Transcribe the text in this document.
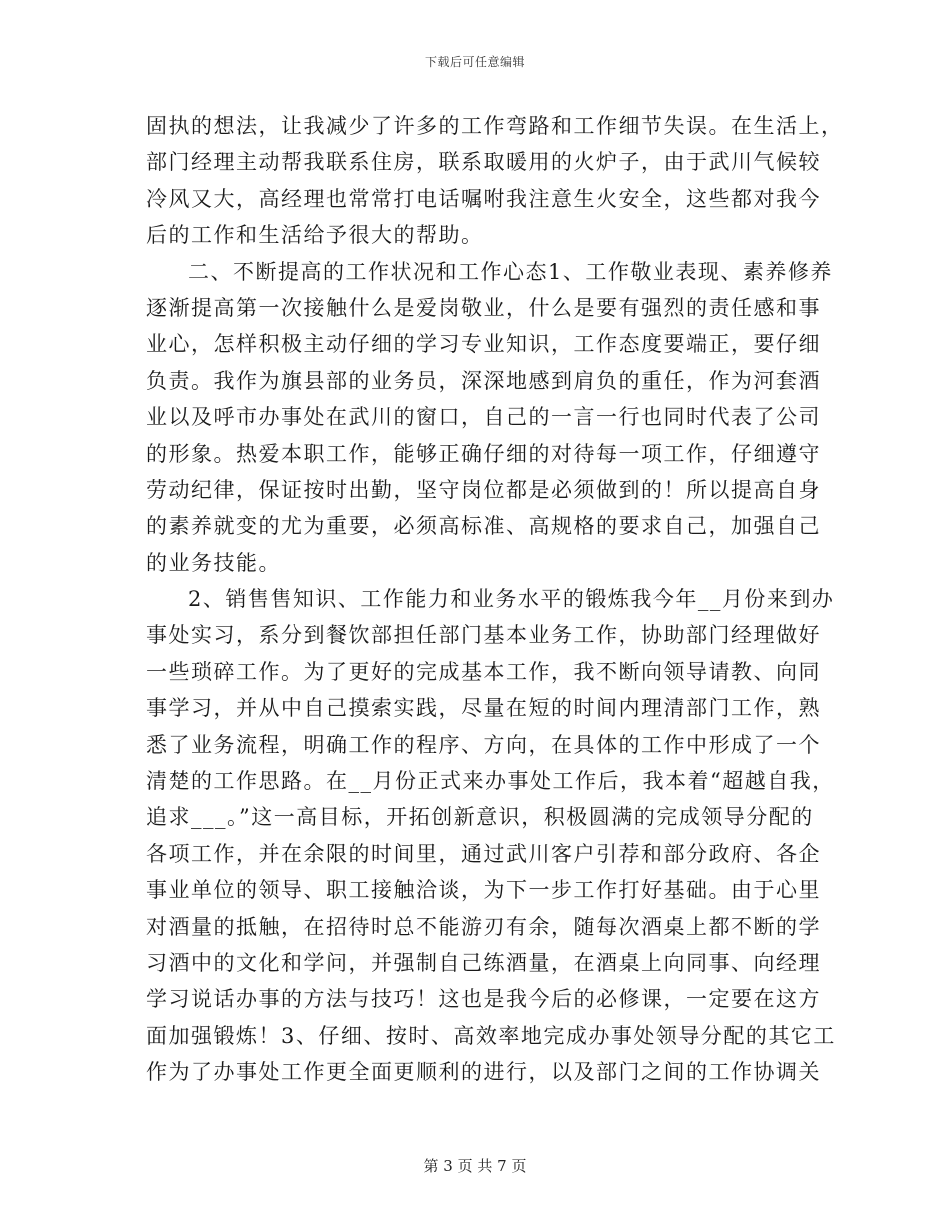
下载后可任意编辑
固执的想法，让我减少了许多的工作弯路和工作细节失误。在生活上，
部门经理主动帮我联系住房，联系取暖用的火炉子，由于武川气候较
冷风又大，高经理也常常打电话嘱咐我注意生火安全，这些都对我今
后的工作和生活给予很大的帮助。
二、不断提高的工作状况和工作心态1、工作敬业表现、素养修养
逐渐提高第一次接触什么是爱岗敬业，什么是要有强烈的责任感和事
业心，怎样积极主动仔细的学习专业知识，工作态度要端正，要仔细
负责。我作为旗县部的业务员，深深地感到肩负的重任，作为河套酒
业以及呼市办事处在武川的窗口，自己的一言一行也同时代表了公司
的形象。热爱本职工作，能够正确仔细的对待每一项工作，仔细遵守
劳动纪律，保证按时出勤，坚守岗位都是必须做到的！所以提高自身
的素养就变的尤为重要，必须高标准、高规格的要求自己，加强自己
的业务技能。
2、销售售知识、工作能力和业务水平的锻炼我今年__月份来到办
事处实习，系分到餐饮部担任部门基本业务工作，协助部门经理做好
一些琐碎工作。为了更好的完成基本工作，我不断向领导请教、向同
事学习，并从中自己摸索实践，尽量在短的时间内理清部门工作，熟
悉了业务流程，明确工作的程序、方向，在具体的工作中形成了一个
清楚的工作思路。在__月份正式来办事处工作后，我本着“超越自我，
追求___。”这一高目标，开拓创新意识，积极圆满的完成领导分配的
各项工作，并在余限的时间里，通过武川客户引荐和部分政府、各企
事业单位的领导、职工接触洽谈，为下一步工作打好基础。由于心里
对酒量的抵触，在招待时总不能游刃有余，随每次酒桌上都不断的学
习酒中的文化和学问，并强制自己练酒量，在酒桌上向同事、向经理
学习说话办事的方法与技巧！这也是我今后的必修课，一定要在这方
面加强锻炼！3、仔细、按时、高效率地完成办事处领导分配的其它工
作为了办事处工作更全面更顺利的进行，以及部门之间的工作协调关
第 3 页 共 7 页
